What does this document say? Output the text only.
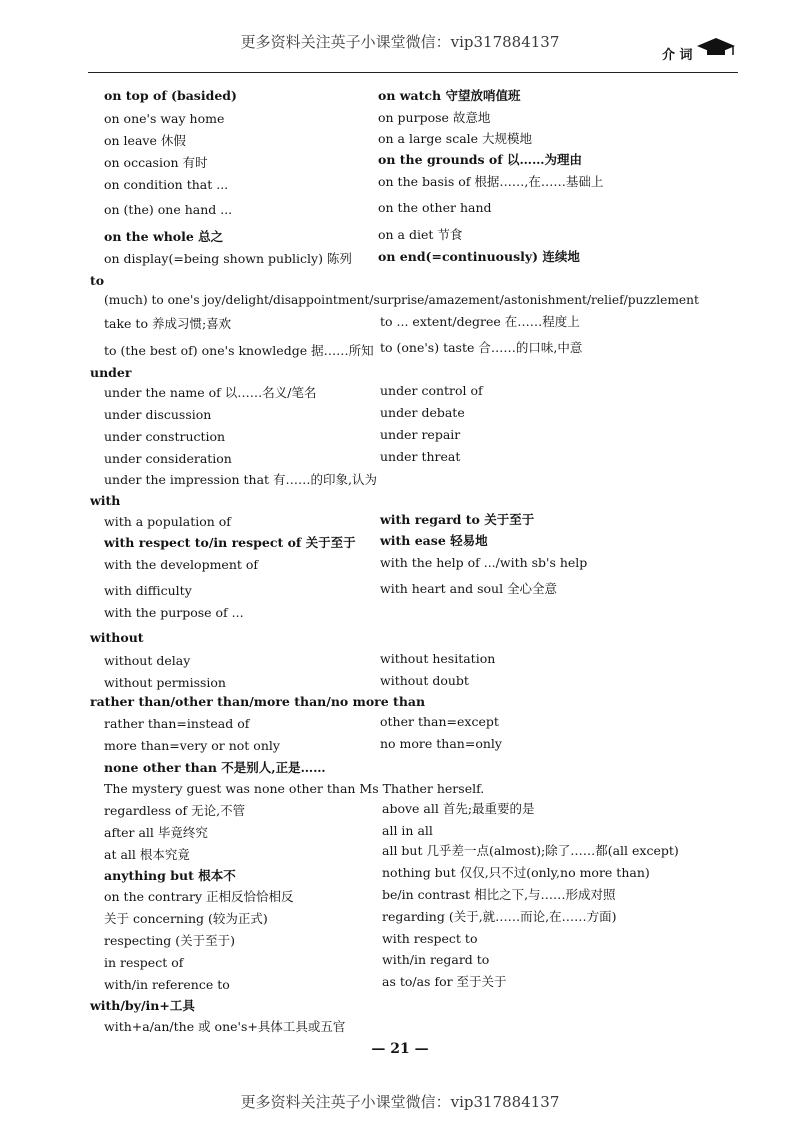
更多资料关注英子小课堂微信：vip317884137
介 词
on top of (basided)	on watch 守望放哨值班
on one's way home	on purpose 故意地
on leave 休假	on a large scale 大规模地
on occasion 有时	on the grounds of 以……为理由
on condition that ...	on the basis of 根据……,在……基础上
on (the) one hand ...	on the other hand
on the whole 总之	on a diet 节食
on display(=being shown publicly) 陈列 on end(=continuously) 连续地
to
(much) to one's joy/delight/disappointment/surprise/amazement/astonishment/relief/puzzlement
take to 养成习惯;喜欢	to ... extent/degree 在……程度上
to (the best of) one's knowledge 据……所知 to (one's) taste 合……的口味,中意
under
under the name of 以……名义/笔名	under control of
under discussion	under debate
under construction	under repair
under consideration	under threat
under the impression that 有……的印象,认为
with
with a population of	with regard to 关于至于
with respect to/in respect of 关于至于 with ease 轻易地
with the development of	with the help of .../with sb's help
with difficulty	with heart and soul 全心全意
with the purpose of ...
without
without delay	without hesitation
without permission	without doubt
rather than/other than/more than/no more than
rather than=instead of	other than=except
more than=very or not only	no more than=only
none other than 不是别人,正是……
The mystery guest was none other than Ms Thather herself.
regardless of 无论,不管	above all 首先;最重要的是
after all 毕竟终究	all in all
at all 根本究竟	all but 几乎差一点(almost);除了……都(all except)
anything but 根本不	nothing but 仅仅,只不过(only,no more than)
on the contrary 正相反恰恰相反	be/in contrast 相比之下,与……形成对照
关于 concerning (较为正式)	regarding (关于,就……而论,在……方面)
respecting (关于至于)	with respect to
in respect of	with/in regard to
with/in reference to	as to/as for 至于关于
with/by/in+工具
with+a/an/the 或 one's+具体工具或五官
— 21 —
更多资料关注英子小课堂微信：vip317884137
